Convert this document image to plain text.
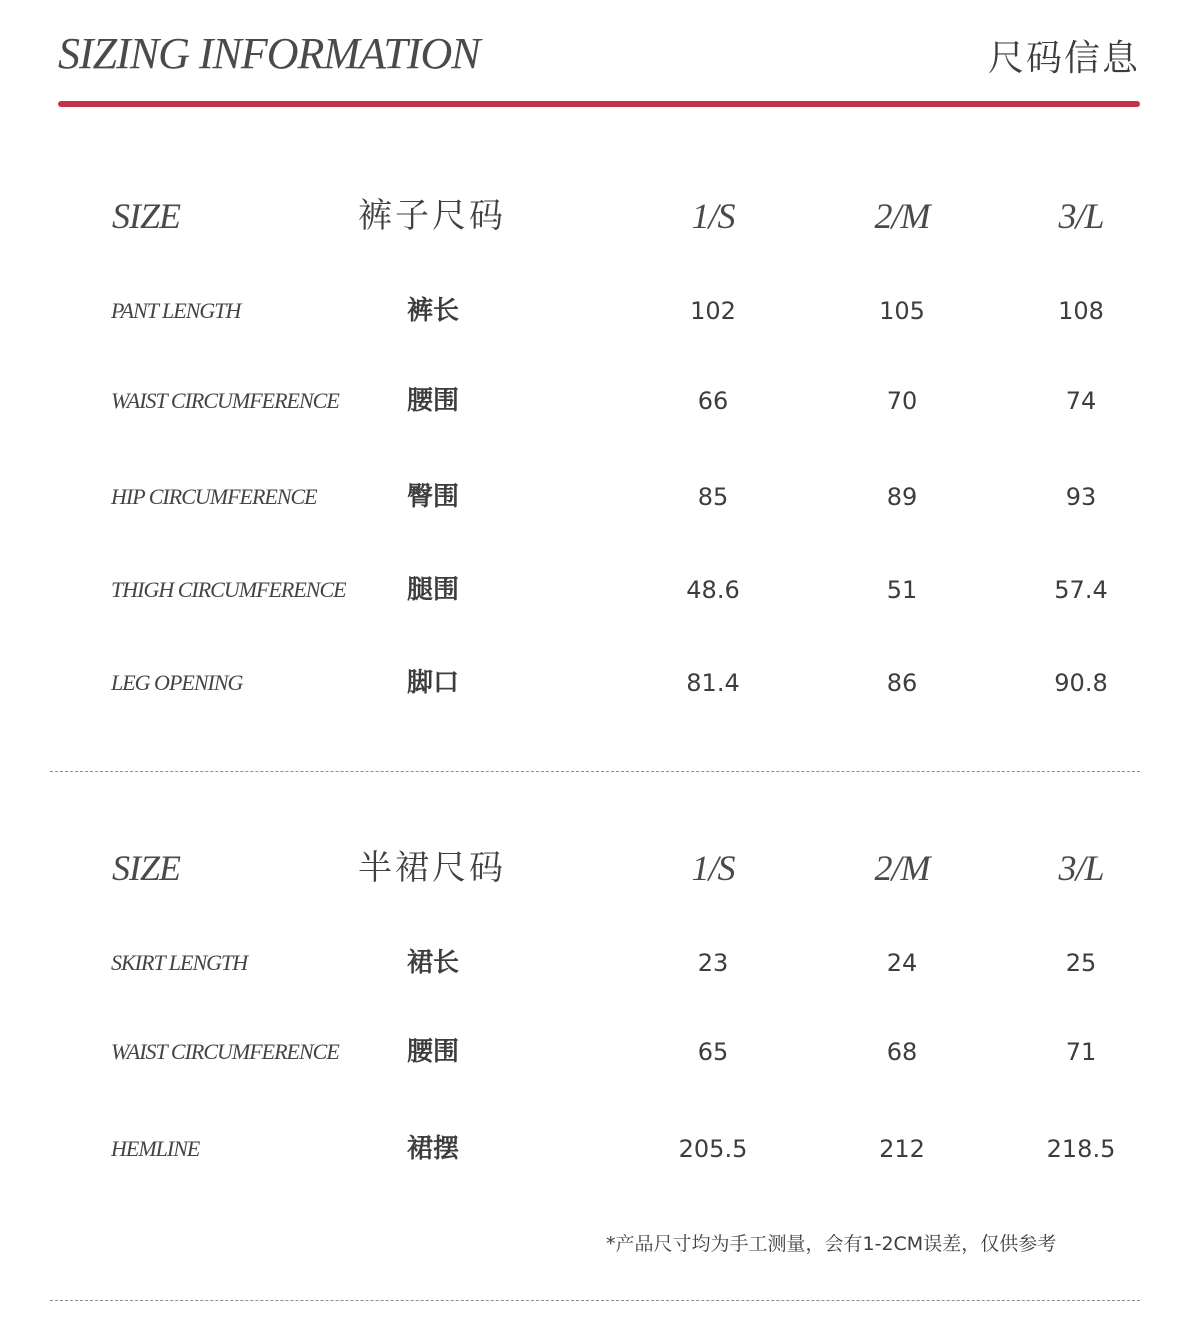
SIZING INFORMATION	尺码信息
SIZE	裤子尺码	1/S	2/M	3/L
PANT LENGTH	裤长	102	105	108
WAIST CIRCUMFERENCE	腰围	66	70	74
HIP CIRCUMFERENCE	臀围	85	89	93
THIGH CIRCUMFERENCE	腿围	48.6	51	57.4
LEG OPENING	脚口	81.4	86	90.8
SIZE	半裙尺码	1/S	2/M	3/L
SKIRT LENGTH	裙长	23	24	25
WAIST CIRCUMFERENCE	腰围	65	68	71
HEMLINE	裙摆	205.5	212	218.5
*产品尺寸均为手工测量，会有1-2CM误差，仅供参考
